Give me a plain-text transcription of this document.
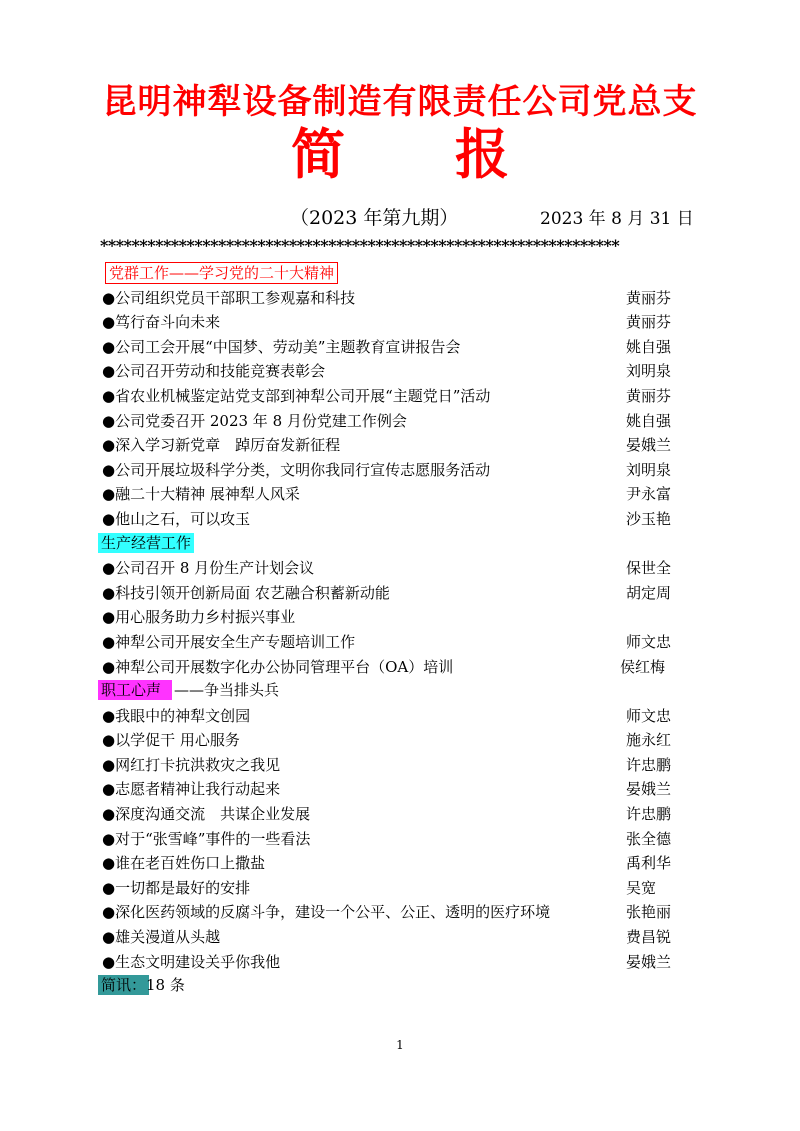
昆明神犁设备制造有限责任公司党总支
简 报
（2023 年第九期）	2023 年 8 月 31 日
******************************************************************
党群工作——学习党的二十大精神
●公司组织党员干部职工参观嘉和科技	黄丽芬
●笃行奋斗向未来	黄丽芬
●公司工会开展“中国梦、劳动美”主题教育宣讲报告会	姚自强
●公司召开劳动和技能竞赛表彰会	刘明泉
●省农业机械鉴定站党支部到神犁公司开展“主题党日”活动	黄丽芬
●公司党委召开 2023 年 8 月份党建工作例会	姚自强
●深入学习新党章　踔厉奋发新征程	晏娥兰
●公司开展垃圾科学分类，文明你我同行宣传志愿服务活动	刘明泉
●融二十大精神 展神犁人风采	尹永富
●他山之石，可以攻玉	沙玉艳
生产经营工作
●公司召开 8 月份生产计划会议	保世全
●科技引领开创新局面 农艺融合积蓄新动能	胡定周
●用心服务助力乡村振兴事业
●神犁公司开展安全生产专题培训工作	师文忠
●神犁公司开展数字化办公协同管理平台（OA）培训	侯红梅
职工心声 ——争当排头兵
●我眼中的神犁文创园	师文忠
●以学促干 用心服务	施永红
●网红打卡抗洪救灾之我见	许忠鹏
●志愿者精神让我行动起来	晏娥兰
●深度沟通交流　共谋企业发展	许忠鹏
●对于“张雪峰”事件的一些看法	张全德
●谁在老百姓伤口上撒盐	禹利华
●一切都是最好的安排	吴宽
●深化医药领域的反腐斗争，建设一个公平、公正、透明的医疗环境	张艳丽
●雄关漫道从头越	费昌锐
●生态文明建设关乎你我他	晏娥兰
简讯： 18 条
1
